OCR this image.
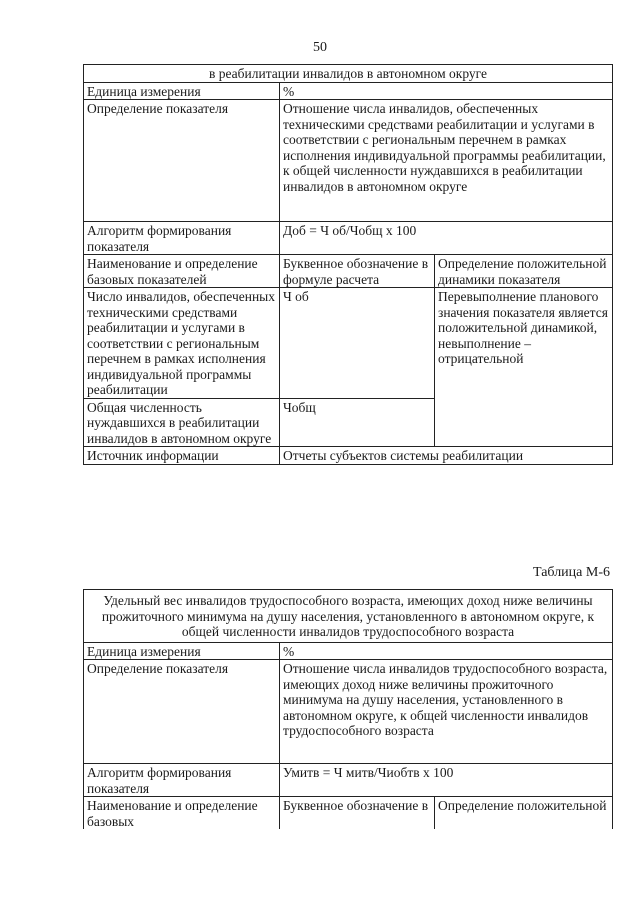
50
в реабилитации инвалидов в автономном округе		
Единица измерения	%	
Определение показателя	Отношение числа инвалидов, обеспеченных техническими средствами реабилитации и услугами в соответствии с региональным перечнем в рамках исполнения индивидуальной программы реабилитации, к общей численности нуждавшихся в реабилитации инвалидов в автономном округе	
Алгоритм формирования показателя	Доб = Ч об/Чобщ х 100	
Наименование и определение базовых показателей	Буквенное обозначение в формуле расчета	Определение положительной динамики показателя
Число инвалидов, обеспеченных техническими средствами реабилитации и услугами в соответствии с региональным перечнем в рамках исполнения индивидуальной программы реабилитации	Ч об	Перевыполнение планового значения показателя является положительной динамикой, невыполнение – отрицательной
Общая численность нуждавшихся в реабилитации инвалидов в автономном округе	Чобщ	
Источник информации	Отчеты субъектов системы реабилитации	
Таблица М-6
Удельный вес инвалидов трудоспособного возраста, имеющих доход ниже величины прожиточного минимума на душу населения, установленного в автономном округе, к общей численности инвалидов трудоспособного возраста		
Единица измерения	%	
Определение показателя	Отношение числа инвалидов трудоспособного возраста, имеющих доход ниже величины прожиточного минимума на душу населения, установленного в автономном округе, к общей численности инвалидов трудоспособного возраста	
Алгоритм формирования показателя	Умитв = Ч митв/Чиобтв х 100	
Наименование и определение базовых	Буквенное обозначение в	Определение положительной
